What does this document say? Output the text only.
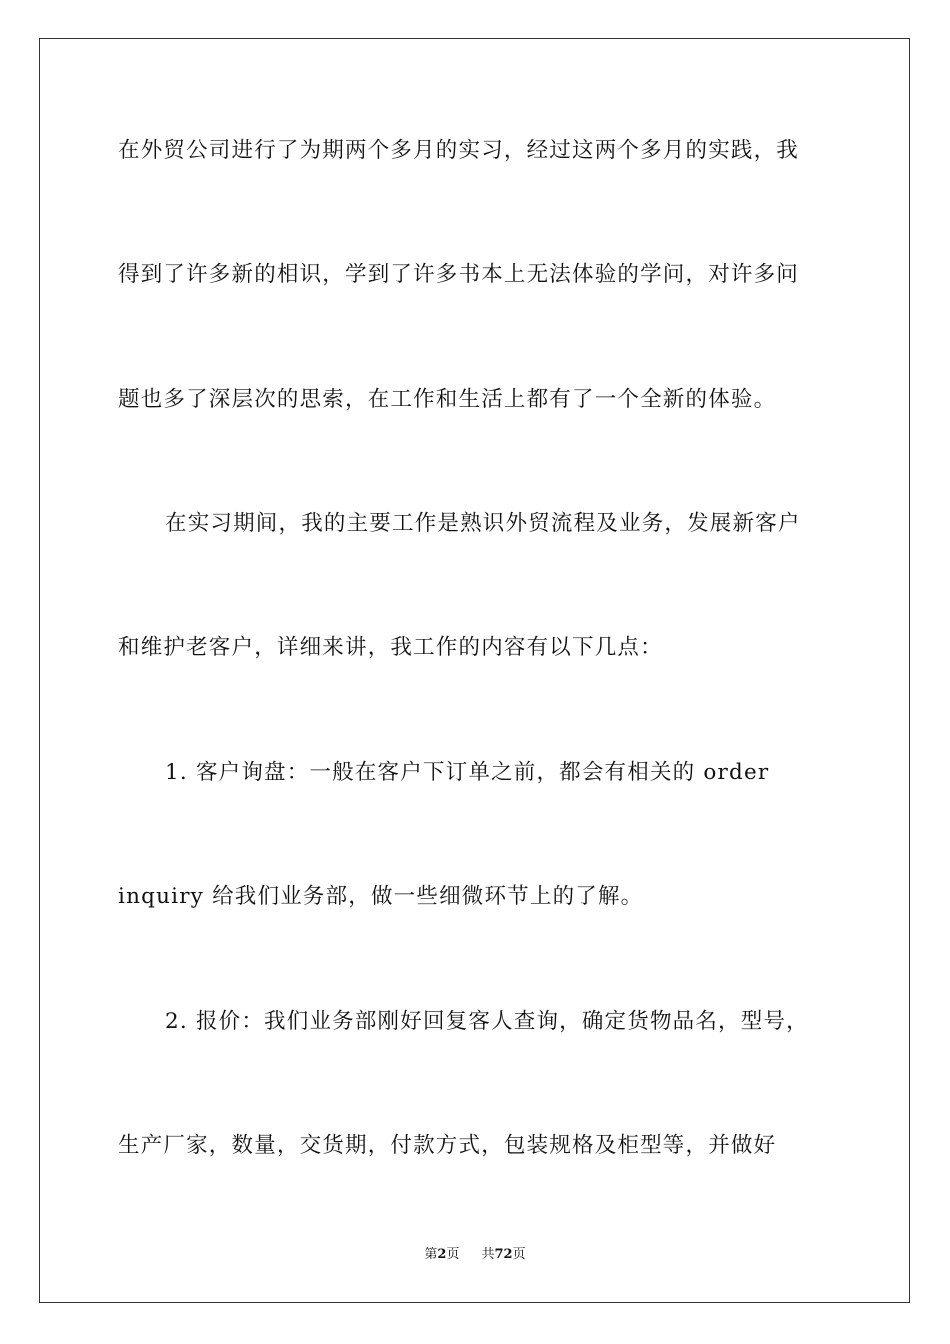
在外贸公司进行了为期两个多月的实习，经过这两个多月的实践，我
得到了许多新的相识，学到了许多书本上无法体验的学问，对许多问
题也多了深层次的思索，在工作和生活上都有了一个全新的体验。
在实习期间，我的主要工作是熟识外贸流程及业务，发展新客户
和维护老客户，详细来讲，我工作的内容有以下几点：
1. 客户询盘：一般在客户下订单之前，都会有相关的 order
inquiry 给我们业务部，做一些细微环节上的了解。
2. 报价：我们业务部刚好回复客人查询，确定货物品名，型号，
生产厂家，数量，交货期，付款方式，包装规格及柜型等，并做好
第2页 共72页
